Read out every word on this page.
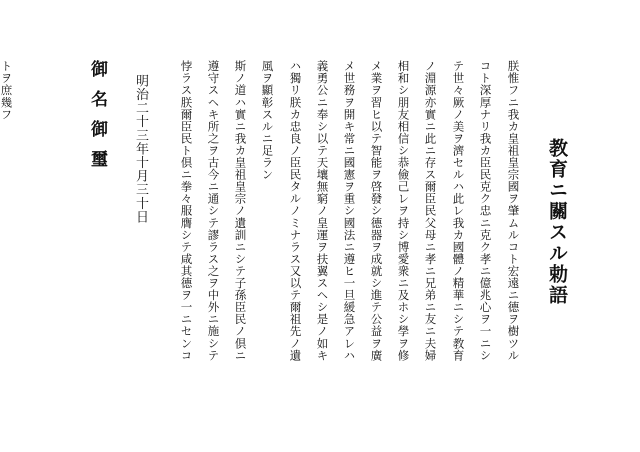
教育ニ關スル勅語

朕惟フニ我カ皇祖皇宗國ヲ肇ムルコト宏遠ニ德ヲ樹ツル

コト深厚ナリ我カ臣民克ク忠ニ克ク孝ニ億兆心ヲ一ニシ

テ世々厥ノ美ヲ濟セルハ此レ我カ國體ノ精華ニシテ教育

ノ淵源亦實ニ此ニ存ス爾臣民父母ニ孝ニ兄弟ニ友ニ夫婦

相和シ朋友相信シ恭儉己レヲ持シ博愛衆ニ及ホシ學ヲ修

メ業ヲ習ヒ以テ智能ヲ啓發シ德器ヲ成就シ進テ公益ヲ廣

メ世務ヲ開キ常ニ國憲ヲ重シ國法ニ遵ヒ一旦緩急アレハ

義勇公ニ奉シ以テ天壤無窮ノ皇運ヲ扶翼スヘシ是ノ如キ

ハ獨リ朕カ忠良ノ臣民タルノミナラス又以テ爾祖先ノ遺

風ヲ顯彰スルニ足ラン

斯ノ道ハ實ニ我カ皇祖皇宗ノ遺訓ニシテ子孫臣民ノ倶ニ

遵守スヘキ所之ヲ古今ニ通シテ謬ラス之ヲ中外ニ施シテ

悖ラス朕爾臣民ト倶ニ拳々服膺シテ咸其德ヲ一ニセンコ

トヲ庶幾フ	明治二十三年十月三十日
御名御璽
